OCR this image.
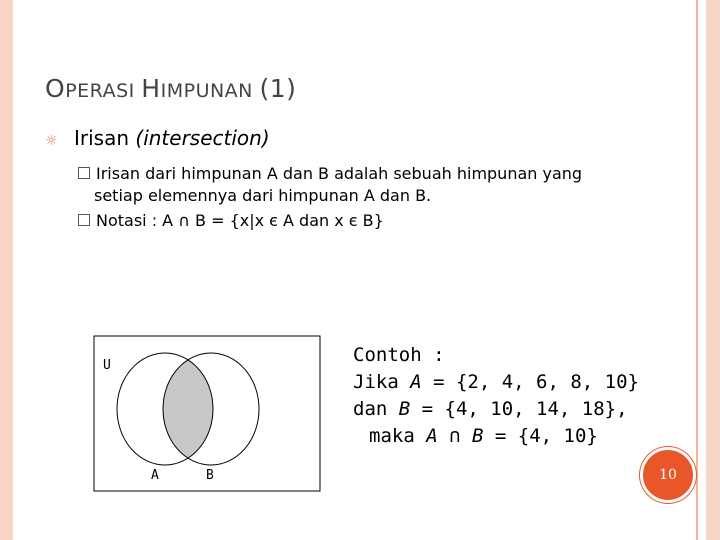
OPERASI HIMPUNAN (1)
☼ Irisan (intersection)
Irisan dari himpunan A dan B adalah sebuah himpunan yang
setiap elemennya dari himpunan A dan B.
Notasi : A ∩ B = {x|x є A dan x є B}
U
A	B
Contoh :
Jika A = {2, 4, 6, 8, 10}
dan B = {4, 10, 14, 18},
maka A ∩ B = {4, 10}
10
